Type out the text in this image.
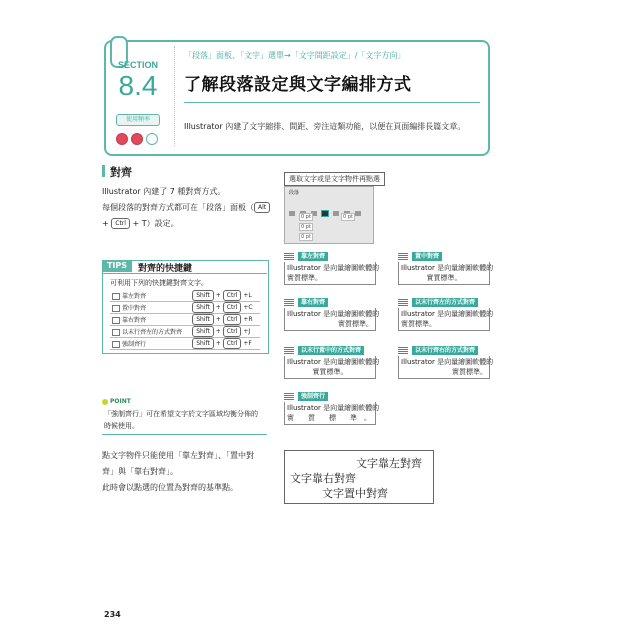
SECTION
8.4
使用頻率
「段落」面板、「文字」選單→「文字間距設定」/「文字方向」
了解段落設定與文字編排方式
Illustrator 內建了文字縮排、間距、旁注這類功能，以便在頁面編排長篇文章。
對齊
Illustrator 內建了 7 種對齊方式。
每個段落的對齊方式都可在「段落」面板（ Alt
+ Ctrl + T）設定。
TIPS	對齊的快捷鍵
可利用下列的快捷鍵對齊文字。
靠左對齊	Shift + Ctrl +L
置中對齊	Shift + Ctrl +C
靠右對齊	Shift + Ctrl +R
以末行齊左的方式對齊	Shift + Ctrl +J
強制齊行	Shift + Ctrl +F
POINT
「強制齊行」可在希望文字於文字區域均衡分佈的時候使用。
選取文字或是文字物件再點選
段落
0 pt	0 pt
0 pt
0 pt
靠左對齊
Illustrator 是向量繪圖軟體的
實質標準。
置中對齊
Illustrator 是向量繪圖軟體的
實質標準。
靠右對齊
Illustrator 是向量繪圖軟體的
實質標準。
以末行齊左的方式對齊
Illustrator 是向量繪圖軟體的
實質標準。
以末行置中的方式對齊
Illustrator 是向量繪圖軟體的
實質標準。
以末行齊右的方式對齊
Illustrator 是向量繪圖軟體的
實質標準。
強制齊行
Illustrator 是向量繪圖軟體的
實　　質　　標　　準　。
點文字物件只能使用「靠左對齊」、「置中對
齊」與「靠右對齊」。
此時會以點選的位置為對齊的基準點。
文字靠左對齊
文字靠右對齊
文字置中對齊
234
